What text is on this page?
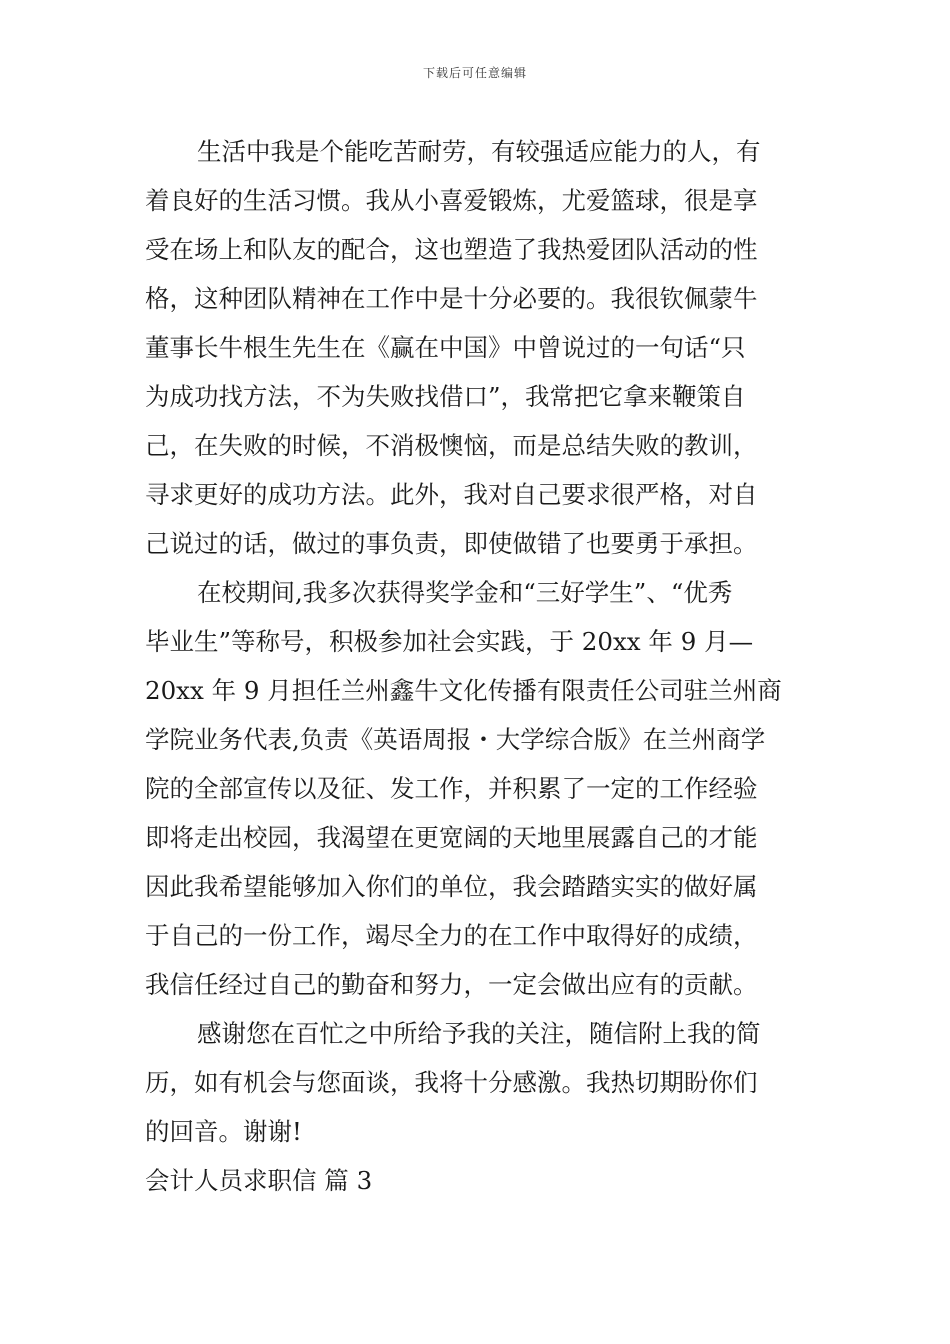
下载后可任意编辑
生活中我是个能吃苦耐劳，有较强适应能力的人，有
着良好的生活习惯。我从小喜爱锻炼，尤爱篮球，很是享
受在场上和队友的配合，这也塑造了我热爱团队活动的性
格，这种团队精神在工作中是十分必要的。我很钦佩蒙牛
董事长牛根生先生在《赢在中国》中曾说过的一句话“只
为成功找方法，不为失败找借口”，我常把它拿来鞭策自
己，在失败的时候，不消极懊恼，而是总结失败的教训，
寻求更好的成功方法。此外，我对自己要求很严格，对自
己说过的话，做过的事负责，即使做错了也要勇于承担。
在校期间,我多次获得奖学金和“三好学生”、“优秀
毕业生”等称号，积极参加社会实践，于 20xx 年 9 月—
20xx 年 9 月担任兰州鑫牛文化传播有限责任公司驻兰州商
学院业务代表,负责《英语周报・大学综合版》在兰州商学
院的全部宣传以及征、发工作，并积累了一定的工作经验
即将走出校园，我渴望在更宽阔的天地里展露自己的才能
因此我希望能够加入你们的单位，我会踏踏实实的做好属
于自己的一份工作，竭尽全力的在工作中取得好的成绩，
我信任经过自己的勤奋和努力，一定会做出应有的贡献。
感谢您在百忙之中所给予我的关注，随信附上我的简
历，如有机会与您面谈，我将十分感激。我热切期盼你们
的回音。谢谢!
会计人员求职信 篇 3
